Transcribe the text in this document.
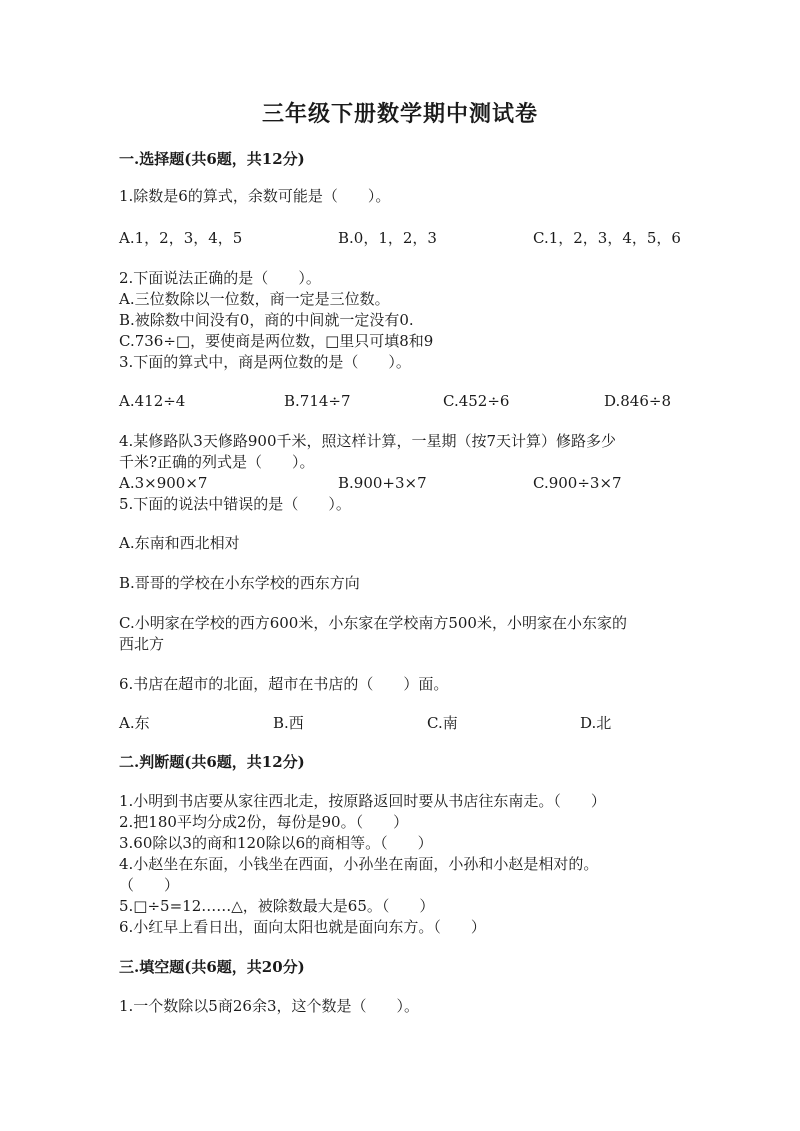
三年级下册数学期中测试卷
一.选择题(共6题，共12分)
1.除数是6的算式，余数可能是（　　）。
A.1，2，3，4，5	B.0，1，2，3	C.1，2，3，4，5，6
2.下面说法正确的是（　　）。
A.三位数除以一位数，商一定是三位数。
B.被除数中间没有0，商的中间就一定没有0.
C.736÷□，要使商是两位数，□里只可填8和9
3.下面的算式中，商是两位数的是（　　）。
A.412÷4	B.714÷7	C.452÷6	D.846÷8
4.某修路队3天修路900千米，照这样计算，一星期（按7天计算）修路多少
千米?正确的列式是（　　）。
A.3×900×7	B.900+3×7	C.900÷3×7
5.下面的说法中错误的是（　　）。
A.东南和西北相对
B.哥哥的学校在小东学校的西东方向
C.小明家在学校的西方600米，小东家在学校南方500米，小明家在小东家的
西北方
6.书店在超市的北面，超市在书店的（　　）面。
A.东	B.西	C.南	D.北
二.判断题(共6题，共12分)
1.小明到书店要从家往西北走，按原路返回时要从书店往东南走。（　　）
2.把180平均分成2份，每份是90。（　　）
3.60除以3的商和120除以6的商相等。（　　）
4.小赵坐在东面，小钱坐在西面，小孙坐在南面，小孙和小赵是相对的。
（　　）
5.□÷5=12……△，被除数最大是65。（　　）
6.小红早上看日出，面向太阳也就是面向东方。（　　）
三.填空题(共6题，共20分)
1.一个数除以5商26余3，这个数是（　　）。
